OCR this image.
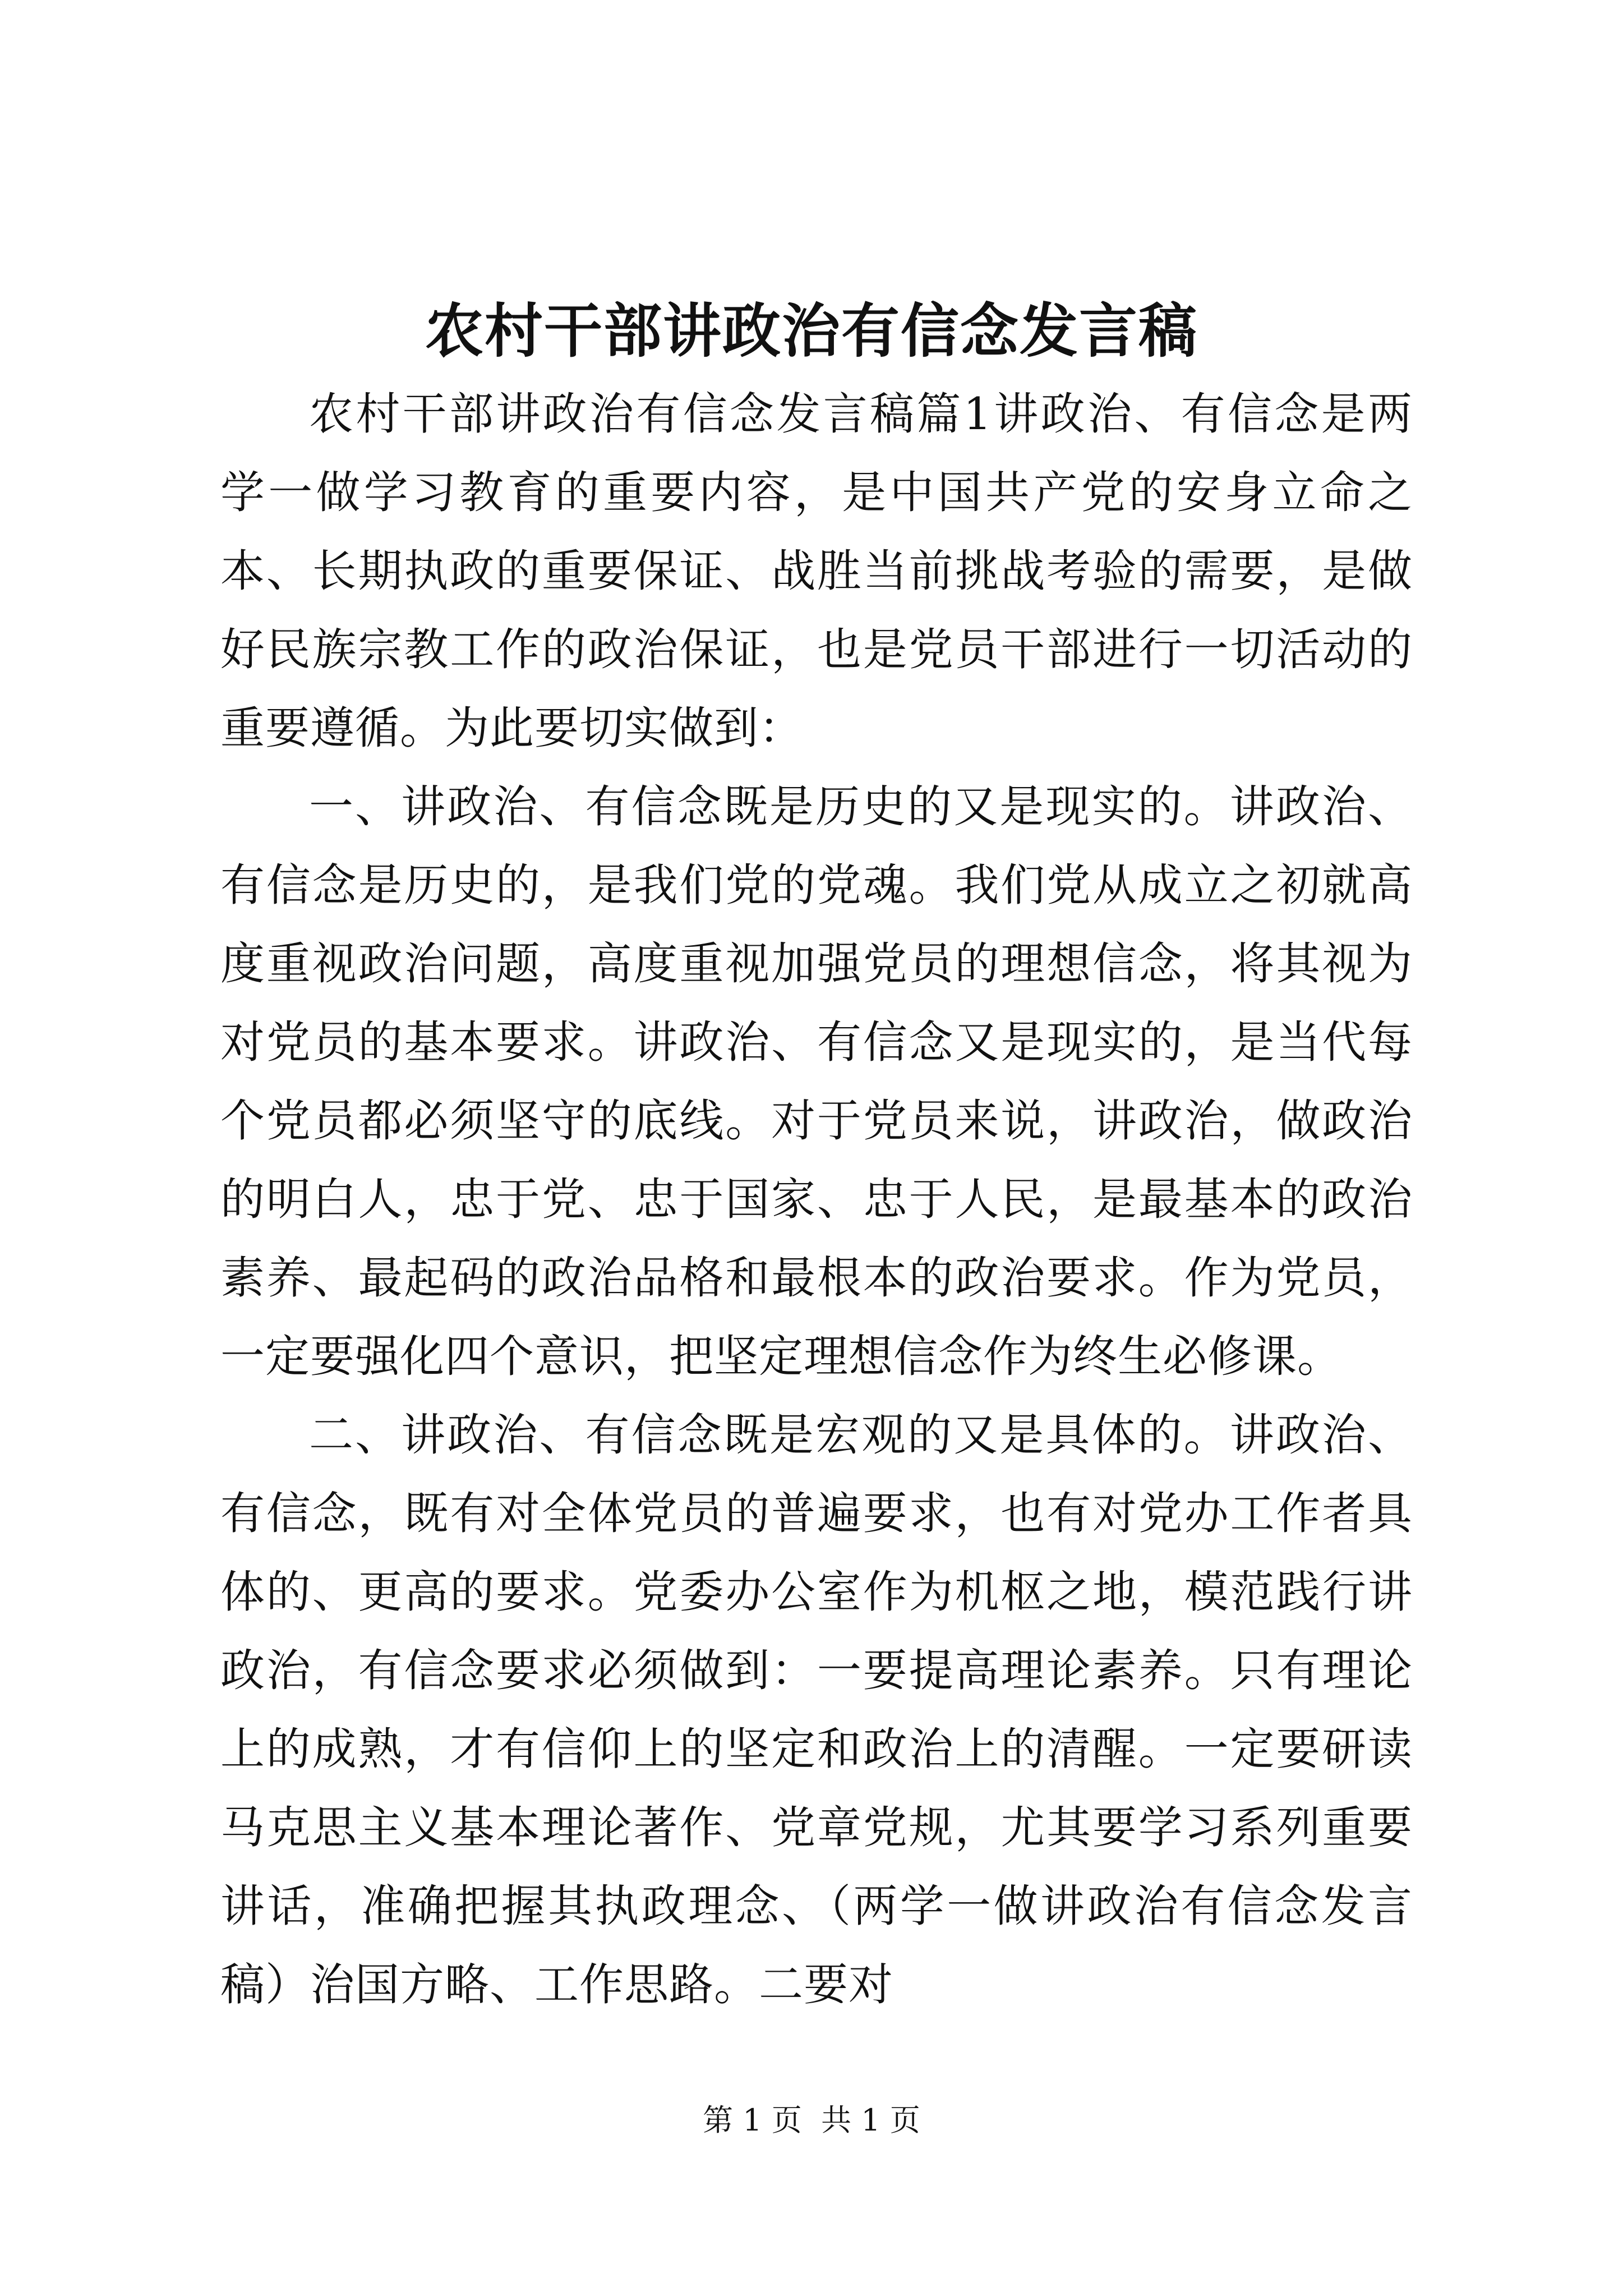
农村干部讲政治有信念发言稿

农村干部讲政治有信念发言稿篇1讲政治、有信念是两学一做学习教育的重要内容，是中国共产党的安身立命之本、长期执政的重要保证、战胜当前挑战考验的需要，是做好民族宗教工作的政治保证，也是党员干部进行一切活动的重要遵循。为此要切实做到：

一、讲政治、有信念既是历史的又是现实的。讲政治、有信念是历史的，是我们党的党魂。我们党从成立之初就高度重视政治问题，高度重视加强党员的理想信念，将其视为对党员的基本要求。讲政治、有信念又是现实的，是当代每个党员都必须坚守的底线。对于党员来说，讲政治，做政治的明白人，忠于党、忠于国家、忠于人民，是最基本的政治素养、最起码的政治品格和最根本的政治要求。作为党员，一定要强化四个意识，把坚定理想信念作为终生必修课。

二、讲政治、有信念既是宏观的又是具体的。讲政治、有信念，既有对全体党员的普遍要求，也有对党办工作者具体的、更高的要求。党委办公室作为机枢之地，模范践行讲政治，有信念要求必须做到：一要提高理论素养。只有理论上的成熟，才有信仰上的坚定和政治上的清醒。一定要研读马克思主义基本理论著作、党章党规，尤其要学习系列重要讲话，准确把握其执政理念、（两学一做讲政治有信念发言稿）治国方略、工作思路。二要对

第 1 页  共 1 页
